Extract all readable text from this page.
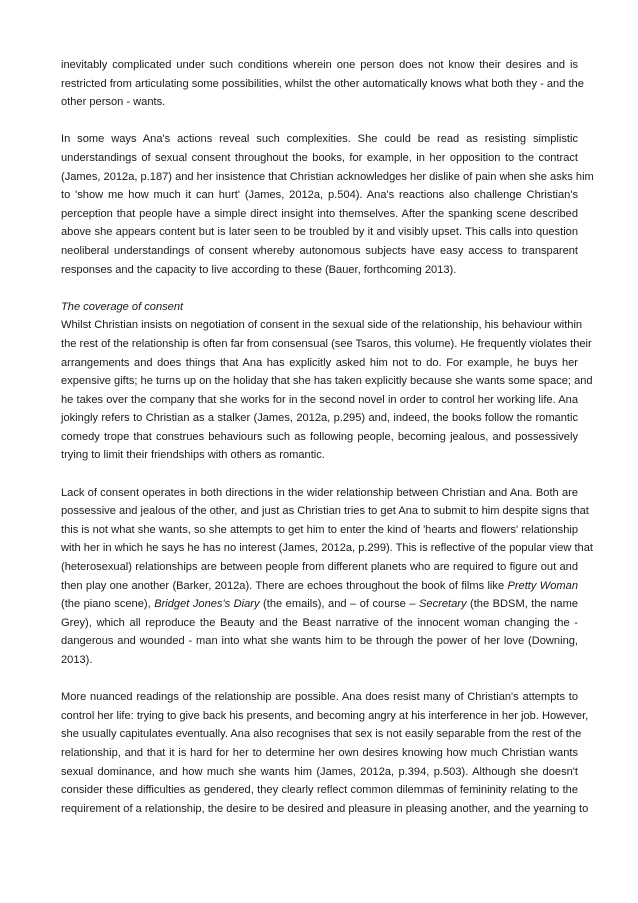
inevitably complicated under such conditions wherein one person does not know their desires and is
restricted from articulating some possibilities, whilst the other automatically knows what both they - and the
other person - wants.
In some ways Ana's actions reveal such complexities. She could be read as resisting simplistic
understandings of sexual consent throughout the books, for example, in her opposition to the contract
(James, 2012a, p.187) and her insistence that Christian acknowledges her dislike of pain when she asks him
to 'show me how much it can hurt' (James, 2012a, p.504). Ana's reactions also challenge Christian's
perception that people have a simple direct insight into themselves. After the spanking scene described
above she appears content but is later seen to be troubled by it and visibly upset. This calls into question
neoliberal understandings of consent whereby autonomous subjects have easy access to transparent
responses and the capacity to live according to these (Bauer, forthcoming 2013).
The coverage of consent
Whilst Christian insists on negotiation of consent in the sexual side of the relationship, his behaviour within
the rest of the relationship is often far from consensual (see Tsaros, this volume). He frequently violates their
arrangements and does things that Ana has explicitly asked him not to do. For example, he buys her
expensive gifts; he turns up on the holiday that she has taken explicitly because she wants some space; and
he takes over the company that she works for in the second novel in order to control her working life. Ana
jokingly refers to Christian as a stalker (James, 2012a, p.295) and, indeed, the books follow the romantic
comedy trope that construes behaviours such as following people, becoming jealous, and possessively
trying to limit their friendships with others as romantic.
Lack of consent operates in both directions in the wider relationship between Christian and Ana. Both are
possessive and jealous of the other, and just as Christian tries to get Ana to submit to him despite signs that
this is not what she wants, so she attempts to get him to enter the kind of 'hearts and flowers' relationship
with her in which he says he has no interest (James, 2012a, p.299). This is reflective of the popular view that
(heterosexual) relationships are between people from different planets who are required to figure out and
then play one another (Barker, 2012a). There are echoes throughout the book of films like Pretty Woman
(the piano scene), Bridget Jones's Diary (the emails), and – of course – Secretary (the BDSM, the name
Grey), which all reproduce the Beauty and the Beast narrative of the innocent woman changing the -
dangerous and wounded - man into what she wants him to be through the power of her love (Downing,
2013).
More nuanced readings of the relationship are possible. Ana does resist many of Christian's attempts to
control her life: trying to give back his presents, and becoming angry at his interference in her job. However,
she usually capitulates eventually. Ana also recognises that sex is not easily separable from the rest of the
relationship, and that it is hard for her to determine her own desires knowing how much Christian wants
sexual dominance, and how much she wants him (James, 2012a, p.394, p.503). Although she doesn't
consider these difficulties as gendered, they clearly reflect common dilemmas of femininity relating to the
requirement of a relationship, the desire to be desired and pleasure in pleasing another, and the yearning to
